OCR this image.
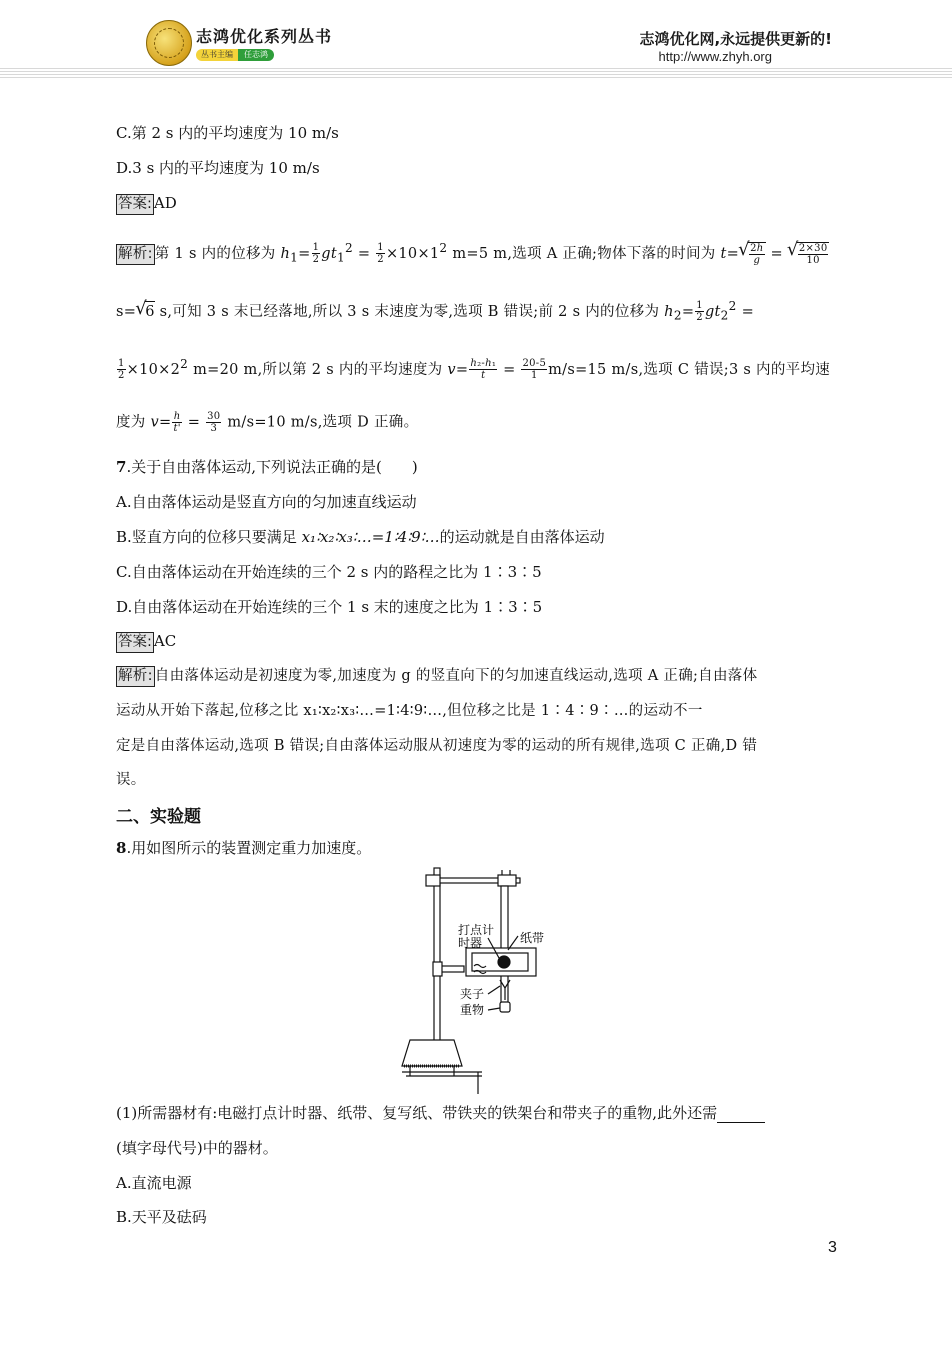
志鸿优化系列丛书
丛书主编	任志鸿
志鸿优化网,永远提供更新的!
http://www.zhyh.org
C.第 2 s 内的平均速度为 10 m/s
D.3 s 内的平均速度为 10 m/s
答案: AD
解析: 第 1 s 内的位移为 $h_1= \frac{1}{2} gt_1^2 = \frac{1}{2} \times 10\times 1^2$ m=5 m,选项 A 正确;物体下落的时间为 t= √ $\frac{2h}{g}$ = √ $\frac{2\times 30}{10}$
s= √ 6 s,可知 3 s 末已经落地,所以 3 s 末速度为零,选项 B 错误;前 2 s 内的位移为 $h_2= \frac{1}{2} gt_2^2$ =
$\frac{1}{2} \times 10\times 2^2$ m=20 m,所以第 2 s 内的平均速度为 $v= \frac{\text{h₂-h₁}}{t} = \frac{20-5}{1} m/s=15$ m/s,选项 C 错误;3 s 内的平均速
度为 $v= \frac{h}{t'} = \frac{30}{3} m/s=10$ m/s,选项 D 正确。
7.关于自由落体运动,下列说法正确的是(　　)
A.自由落体运动是竖直方向的匀加速直线运动
B.竖直方向的位移只要满足 x₁∶x₂∶x₃∶…=1∶4∶9∶…的运动就是自由落体运动
C.自由落体运动在开始连续的三个 2 s 内的路程之比为 1∶3∶5
D.自由落体运动在开始连续的三个 1 s 末的速度之比为 1∶3∶5
答案: AC
解析: 自由落体运动是初速度为零,加速度为 g 的竖直向下的匀加速直线运动,选项 A 正确;自由落体
运动从开始下落起,位移之比 x₁∶x₂∶x₃∶…=1∶4∶9∶…,但位移之比是 1∶4∶9∶…的运动不一
定是自由落体运动,选项 B 错误;自由落体运动服从初速度为零的运动的所有规律,选项 C 正确,D 错
误。
二、实验题
8.用如图所示的装置测定重力加速度。
打点计
时器	纸带
夹子
重物
(1)所需器材有:电磁打点计时器、纸带、复写纸、带铁夹的铁架台和带夹子的重物,此外还需
(填字母代号)中的器材。
A.直流电源
B.天平及砝码
3
